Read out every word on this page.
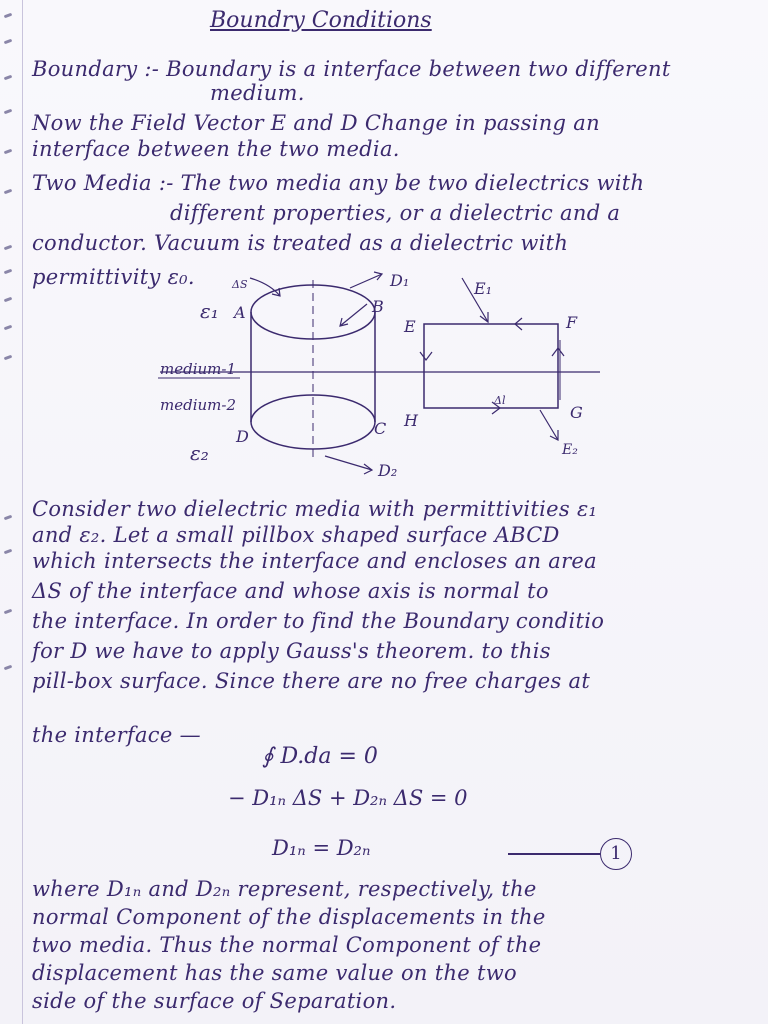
Boundry Conditions
Boundary :- Boundary is a interface between two different
medium.
Now the Field Vector E and D Change in passing an
interface between the two media.
Two Media :- The two media any be two dielectrics with
different properties, or a dielectric and a
conductor. Vacuum is treated as a dielectric with
permittivity ε₀.
ε₁ A	B
C
D
ε₂
D₁
D₂
ΔS
medium-1
medium-2
E	F
G
H
E₁
E₂
Δl
Consider two dielectric media with permittivities ε₁
and ε₂. Let a small pillbox shaped surface ABCD
which intersects the interface and encloses an area
ΔS of the interface and whose axis is normal to
the interface. In order to find the Boundary conditio
for D we have to apply Gauss's theorem. to this
pill-box surface. Since there are no free charges at
the interface —
∮ D.da = 0
− D₁ₙ ΔS + D₂ₙ ΔS = 0
D₁ₙ = D₂ₙ	1
where D₁ₙ and D₂ₙ represent, respectively, the
normal Component of the displacements in the
two media. Thus the normal Component of the
displacement has the same value on the two
side of the surface of Separation.
